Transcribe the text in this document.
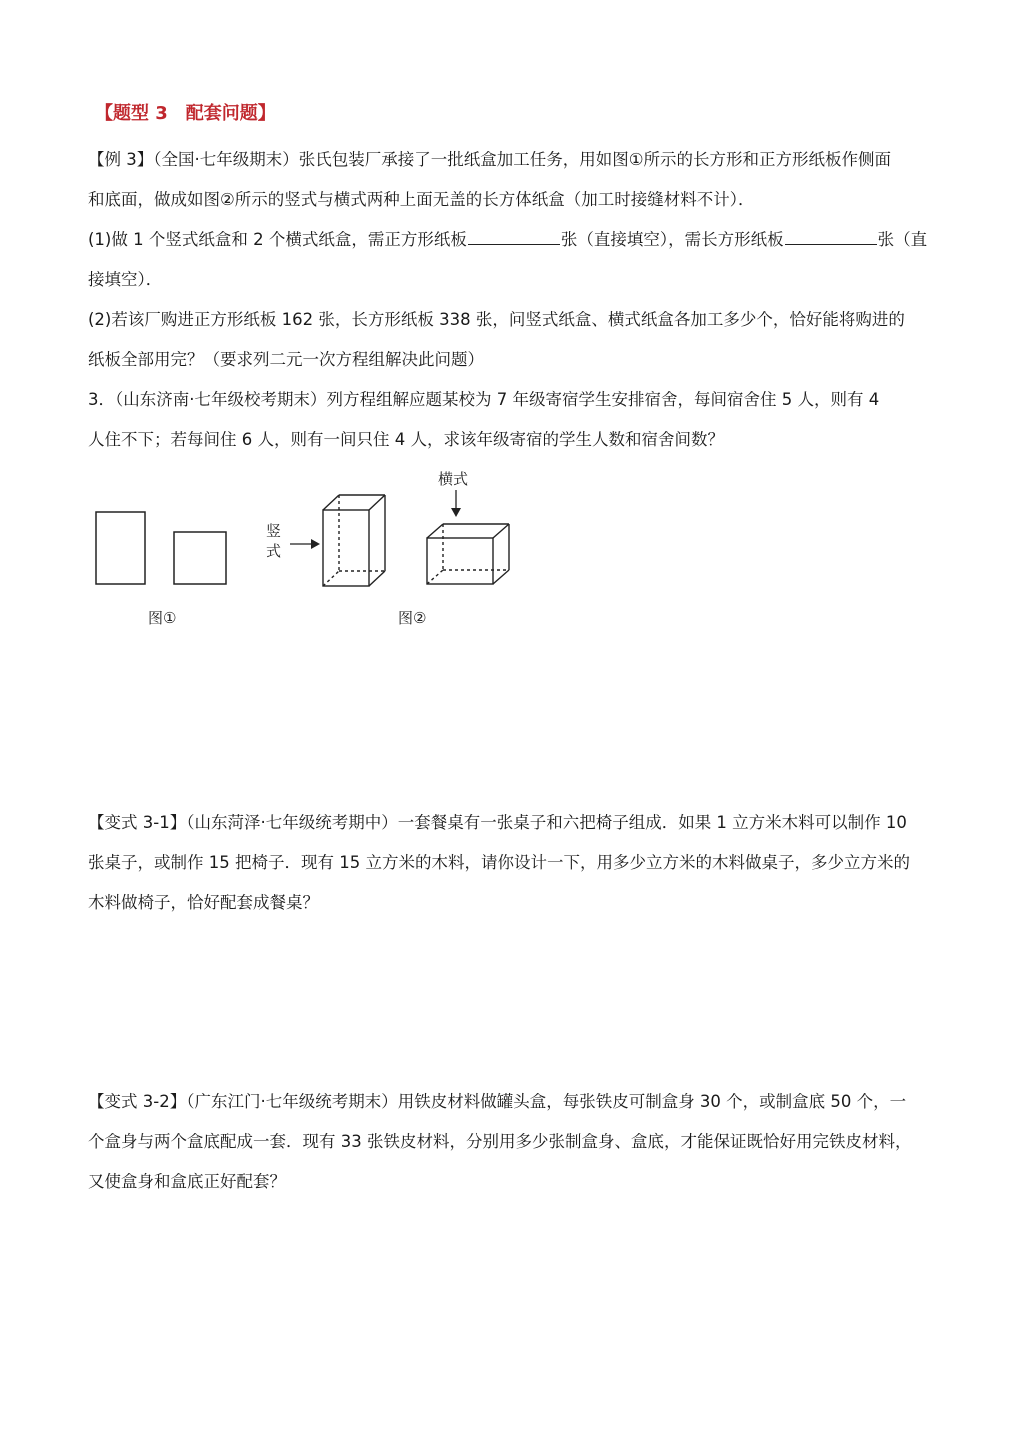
【题型 3　配套问题】
【例 3】（全国·七年级期末）张氏包装厂承接了一批纸盒加工任务，用如图①所示的长方形和正方形纸板作侧面
和底面，做成如图②所示的竖式与横式两种上面无盖的长方体纸盒（加工时接缝材料不计）．
(1)做 1 个竖式纸盒和 2 个横式纸盒，需正方形纸板	张（直接填空），需长方形纸板	张（直
接填空）．
(2)若该厂购进正方形纸板 162 张，长方形纸板 338 张，问竖式纸盒、横式纸盒各加工多少个，恰好能将购进的
纸板全部用完？（要求列二元一次方程组解决此问题）
3．（山东济南·七年级校考期末）列方程组解应题某校为 7 年级寄宿学生安排宿舍，每间宿舍住 5 人，则有 4
人住不下；若每间住 6 人，则有一间只住 4 人，求该年级寄宿的学生人数和宿舍间数？
图①
竖
式
横式
图②
【变式 3-1】（山东菏泽·七年级统考期中）一套餐桌有一张桌子和六把椅子组成．如果 1 立方米木料可以制作 10
张桌子，或制作 15 把椅子．现有 15 立方米的木料，请你设计一下，用多少立方米的木料做桌子，多少立方米的
木料做椅子，恰好配套成餐桌？
【变式 3-2】（广东江门·七年级统考期末）用铁皮材料做罐头盒，每张铁皮可制盒身 30 个，或制盒底 50 个，一
个盒身与两个盒底配成一套．现有 33 张铁皮材料，分别用多少张制盒身、盒底，才能保证既恰好用完铁皮材料，
又使盒身和盒底正好配套？
